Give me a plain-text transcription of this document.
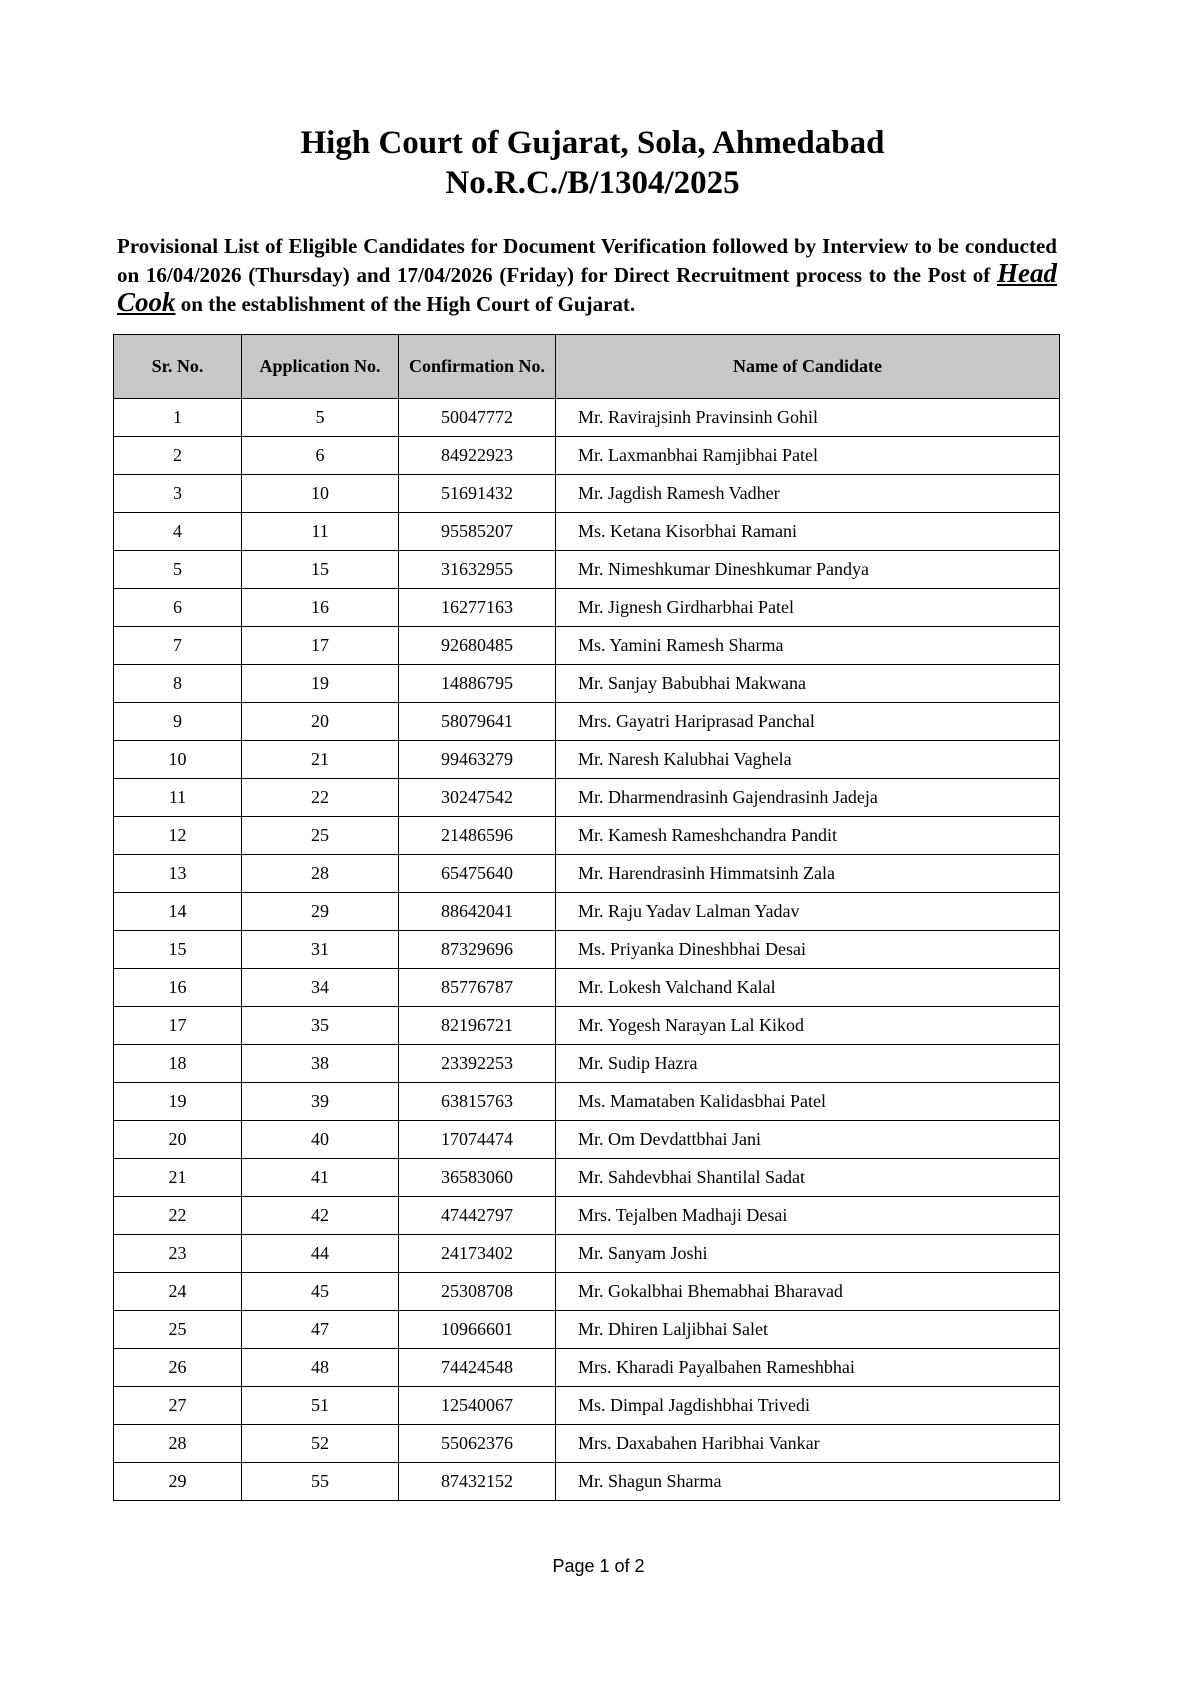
High Court of Gujarat, Sola, Ahmedabad
No.R.C./B/1304/2025

Provisional List of Eligible Candidates for Document Verification followed by Interview to be conducted on 16/04/2026 (Thursday) and 17/04/2026 (Friday) for Direct Recruitment process to the Post of Head Cook on the establishment of the High Court of Gujarat.

Sr. No.	Application No.	Confirmation No.	Name of Candidate
1	5	50047772	Mr. Ravirajsinh Pravinsinh Gohil
2	6	84922923	Mr. Laxmanbhai Ramjibhai Patel
3	10	51691432	Mr. Jagdish Ramesh Vadher
4	11	95585207	Ms. Ketana Kisorbhai Ramani
5	15	31632955	Mr. Nimeshkumar Dineshkumar Pandya
6	16	16277163	Mr. Jignesh Girdharbhai Patel
7	17	92680485	Ms. Yamini Ramesh Sharma
8	19	14886795	Mr. Sanjay Babubhai Makwana
9	20	58079641	Mrs. Gayatri Hariprasad Panchal
10	21	99463279	Mr. Naresh Kalubhai Vaghela
11	22	30247542	Mr. Dharmendrasinh Gajendrasinh Jadeja
12	25	21486596	Mr. Kamesh Rameshchandra Pandit
13	28	65475640	Mr. Harendrasinh Himmatsinh Zala
14	29	88642041	Mr. Raju Yadav Lalman Yadav
15	31	87329696	Ms. Priyanka Dineshbhai Desai
16	34	85776787	Mr. Lokesh Valchand Kalal
17	35	82196721	Mr. Yogesh Narayan Lal Kikod
18	38	23392253	Mr. Sudip Hazra
19	39	63815763	Ms. Mamataben Kalidasbhai Patel
20	40	17074474	Mr. Om Devdattbhai Jani
21	41	36583060	Mr. Sahdevbhai Shantilal Sadat
22	42	47442797	Mrs. Tejalben Madhaji Desai
23	44	24173402	Mr. Sanyam Joshi
24	45	25308708	Mr. Gokalbhai Bhemabhai Bharavad
25	47	10966601	Mr. Dhiren Laljibhai Salet
26	48	74424548	Mrs. Kharadi Payalbahen Rameshbhai
27	51	12540067	Ms. Dimpal Jagdishbhai Trivedi
28	52	55062376	Mrs. Daxabahen Haribhai Vankar
29	55	87432152	Mr. Shagun Sharma
Page 1 of 2
